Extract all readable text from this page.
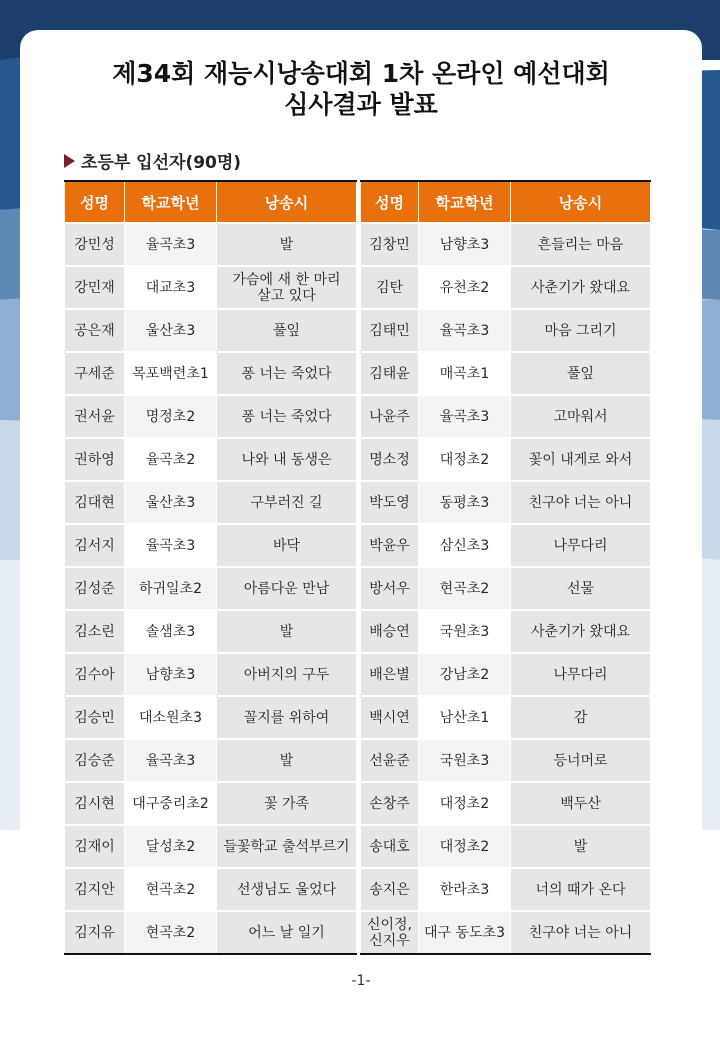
제34회 재능시낭송대회 1차 온라인 예선대회
심사결과 발표
초등부 입선자(90명)
성명	학교학년	낭송시
강민성	율곡초3	발
강민재	대교초3	가슴에 새 한 마리 살고 있다
공은재	울산초3	풀잎
구세준	목포백련초1	퐁 너는 죽었다
권서윤	명정초2	퐁 너는 죽었다
권하영	율곡초2	나와 내 동생은
김대현	울산초3	구부러진 길
김서지	율곡초3	바닥
김성준	하귀일초2	아름다운 만남
김소린	솔샘초3	발
김수아	남향초3	아버지의 구두
김승민	대소원초3	꼴지를 위하여
김승준	율곡초3	발
김시현	대구중리초2	꽃 가족
김재이	달성초2	들꽃학교 출석부르기
김지안	현곡초2	선생님도 울었다
김지유	현곡초2	어느 날 일기
성명	학교학년	낭송시
김창민	남향초3	흔들리는 마음
김탄	유천초2	사춘기가 왔대요
김태민	율곡초3	마음 그리기
김태윤	매곡초1	풀잎
나윤주	율곡초3	고마워서
명소정	대정초2	꽃이 내게로 와서
박도영	동평초3	친구야 너는 아니
박윤우	삼신초3	나무다리
방서우	현곡초2	선물
배승연	국원초3	사춘기가 왔대요
배은별	강남초2	나무다리
백시연	남산초1	감
선윤준	국원초3	등너머로
손창주	대정초2	백두산
송대호	대정초2	발
송지은	한라초3	너의 때가 온다
신이정, 신지우	대구 동도초3	친구야 너는 아니
-1-
